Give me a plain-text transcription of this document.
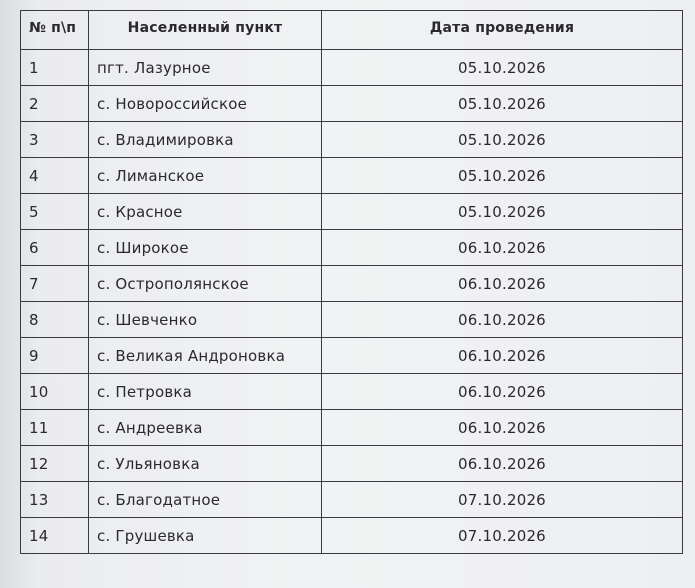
№ п\п	Населенный пункт	Дата проведения
1	пгт. Лазурное	05.10.2026
2	с. Новороссийское	05.10.2026
3	с. Владимировка	05.10.2026
4	с. Лиманское	05.10.2026
5	с. Красное	05.10.2026
6	с. Широкое	06.10.2026
7	с. Острополянское	06.10.2026
8	с. Шевченко	06.10.2026
9	с. Великая Андроновка	06.10.2026
10	с. Петровка	06.10.2026
11	с. Андреевка	06.10.2026
12	с. Ульяновка	06.10.2026
13	с. Благодатное	07.10.2026
14	с. Грушевка	07.10.2026
